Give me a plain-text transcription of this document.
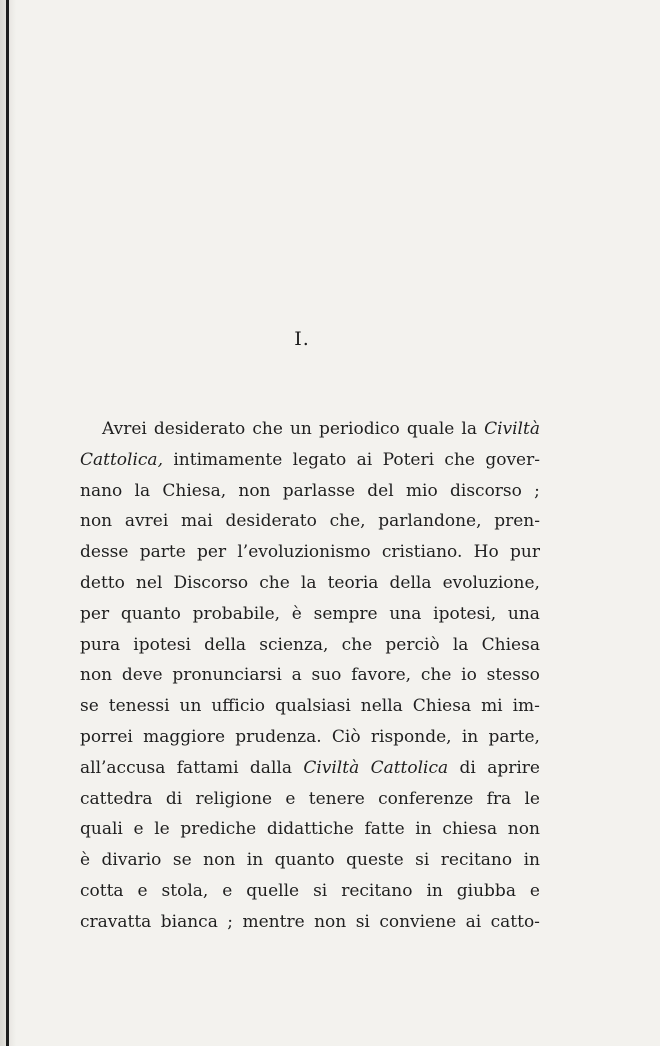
I.
Avrei desiderato che un periodico quale la Civiltà
Cattolica, intimamente legato ai Poteri che gover-
nano la Chiesa, non parlasse del mio discorso ;
non avrei mai desiderato che, parlandone, pren-
desse parte per l’evoluzionismo cristiano. Ho pur
detto nel Discorso che la teoria della evoluzione,
per quanto probabile, è sempre una ipotesi, una
pura ipotesi della scienza, che perciò la Chiesa
non deve pronunciarsi a suo favore, che io stesso
se tenessi un ufficio qualsiasi nella Chiesa mi im-
porrei maggiore prudenza. Ciò risponde, in parte,
all’accusa fattami dalla Civiltà Cattolica di aprire
cattedra di religione e tenere conferenze fra le
quali e le prediche didattiche fatte in chiesa non
è divario se non in quanto queste si recitano in
cotta e stola, e quelle si recitano in giubba e
cravatta bianca ; mentre non si conviene ai catto-
